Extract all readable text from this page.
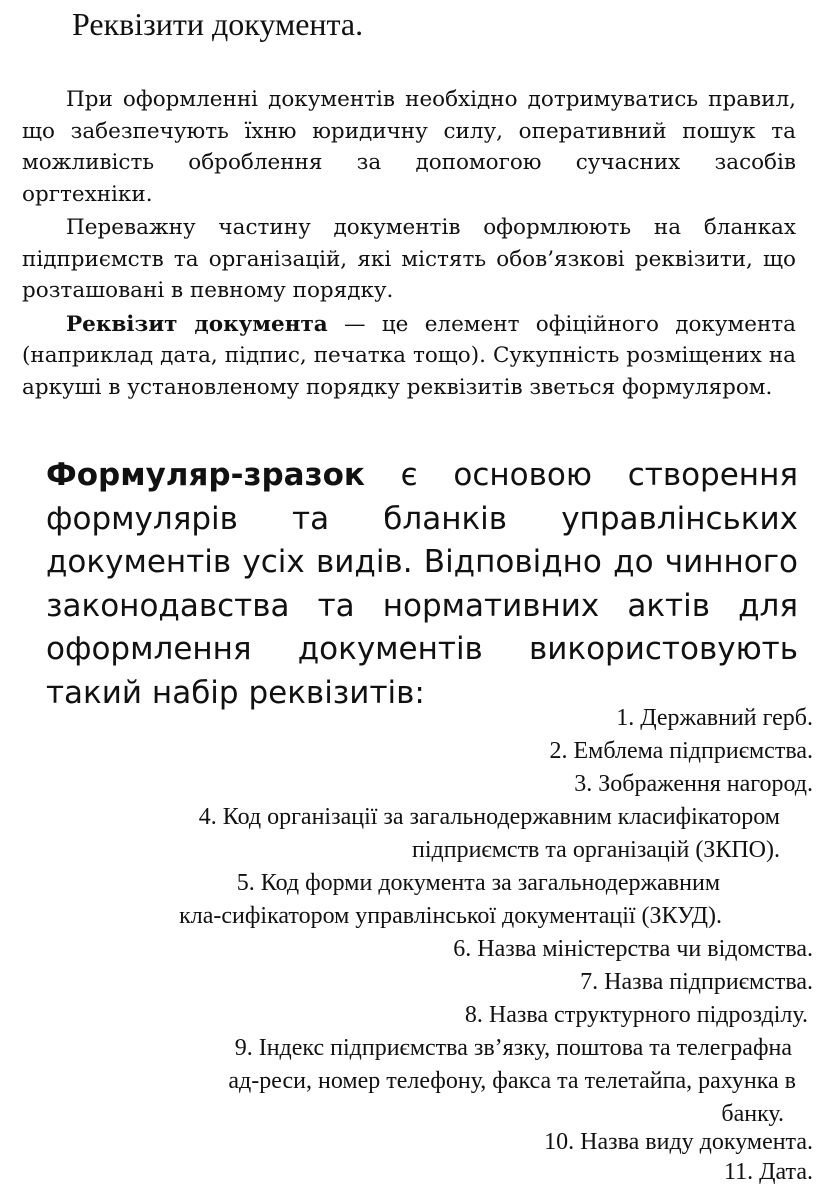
Реквізити документа.

При оформленні документів необхідно дотримуватись правил, що забезпечують їхню юридичну силу, оперативний пошук та можливість оброблення за допомогою сучасних засобів оргтехніки.

Переважну частину документів оформлюють на бланках підприємств та організацій, які містять обов’язкові реквізити, що розташовані в певному порядку.

Реквізит документа — це елемент офіційного документа (наприклад дата, підпис, печатка тощо). Сукупність розміщених на аркуші в установленому порядку реквізитів зветься формуляром.

Формуляр-зразок є основою створення формулярів та бланків управлінських документів усіх видів. Відповідно до чинного законодавства та нормативних актів для оформлення документів використовують такий набір реквізитів:

1. Державний герб.

2. Емблема підприємства.

3. Зображення нагород.

4. Код організації за загальнодержавним класифікатором

підприємств та організацій (ЗКПО).

5. Код форми документа за загальнодержавним

кла-сифікатором управлінської документації (ЗКУД).

6. Назва міністерства чи відомства.

7. Назва підприємства.

8. Назва структурного підрозділу.

9. Індекс підприємства зв’язку, поштова та телеграфна

ад-реси, номер телефону, факса та телетайпа, рахунка в

банку.

10. Назва виду документа.

11. Дата.
